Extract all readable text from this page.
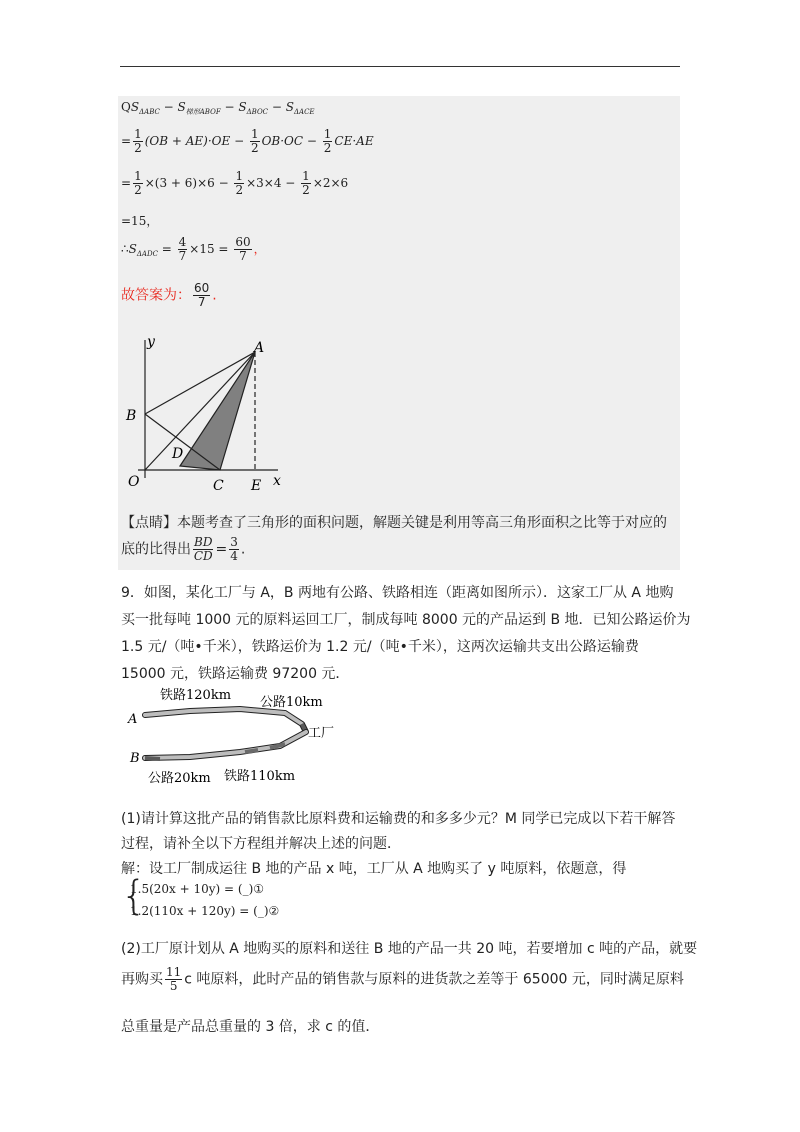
$QS_{\Delta ABC} - S_{梯形ABOF} - S_{\Delta BOC} - S_{\Delta ACE}$
= $\frac{1}{2} (OB + AE)\cdot OE - \frac{1}{2} OB\cdot OC - \frac{1}{2} CE\cdot AE$
= $\frac{1}{2} \times(3 + 6)\times 6 - \frac{1}{2} \times 3\times 4 - \frac{1}{2} \times 2\times 6$
=15，
$\therefore S_{\Delta ADC} = \frac{4}{7} \times 15 = \frac{60}{7}$ ，
故答案为： $\frac{60}{7}$ .
y	A
B
D
O	C E x
【点睛】本题考查了三角形的面积问题，解题关键是利用等高三角形面积之比等于对应的
底的比得出 $\frac{BD}{CD} = \frac{3}{4}$ .
9．如图，某化工厂与 A，B 两地有公路、铁路相连（距离如图所示）．这家工厂从 A 地购
买一批每吨 1000 元的原料运回工厂，制成每吨 8000 元的产品运到 B 地．已知公路运价为
1.5 元/（吨•千米），铁路运价为 1.2 元/（吨•千米），这两次运输共支出公路运输费
15000 元，铁路运输费 97200 元．
铁路120km 公路10km
A
工厂
B
公路20km 铁路110km
(1)请计算这批产品的销售款比原料费和运输费的和多多少元？M 同学已完成以下若干解答
过程，请补全以下方程组并解决上述的问题．
解：设工厂制成运往 B 地的产品 x 吨，工厂从 A 地购买了 y 吨原料，依题意，得
{
1.5(20x + 10y) = (_)①
1.2(110x + 120y) = (_)②
(2)工厂原计划从 A 地购买的原料和送往 B 地的产品一共 20 吨，若要增加 c 吨的产品，就要
再购买 $\frac{11}{5}$ c 吨原料，此时产品的销售款与原料的进货款之差等于 65000 元，同时满足原料
总重量是产品总重量的 3 倍，求 c 的值．
